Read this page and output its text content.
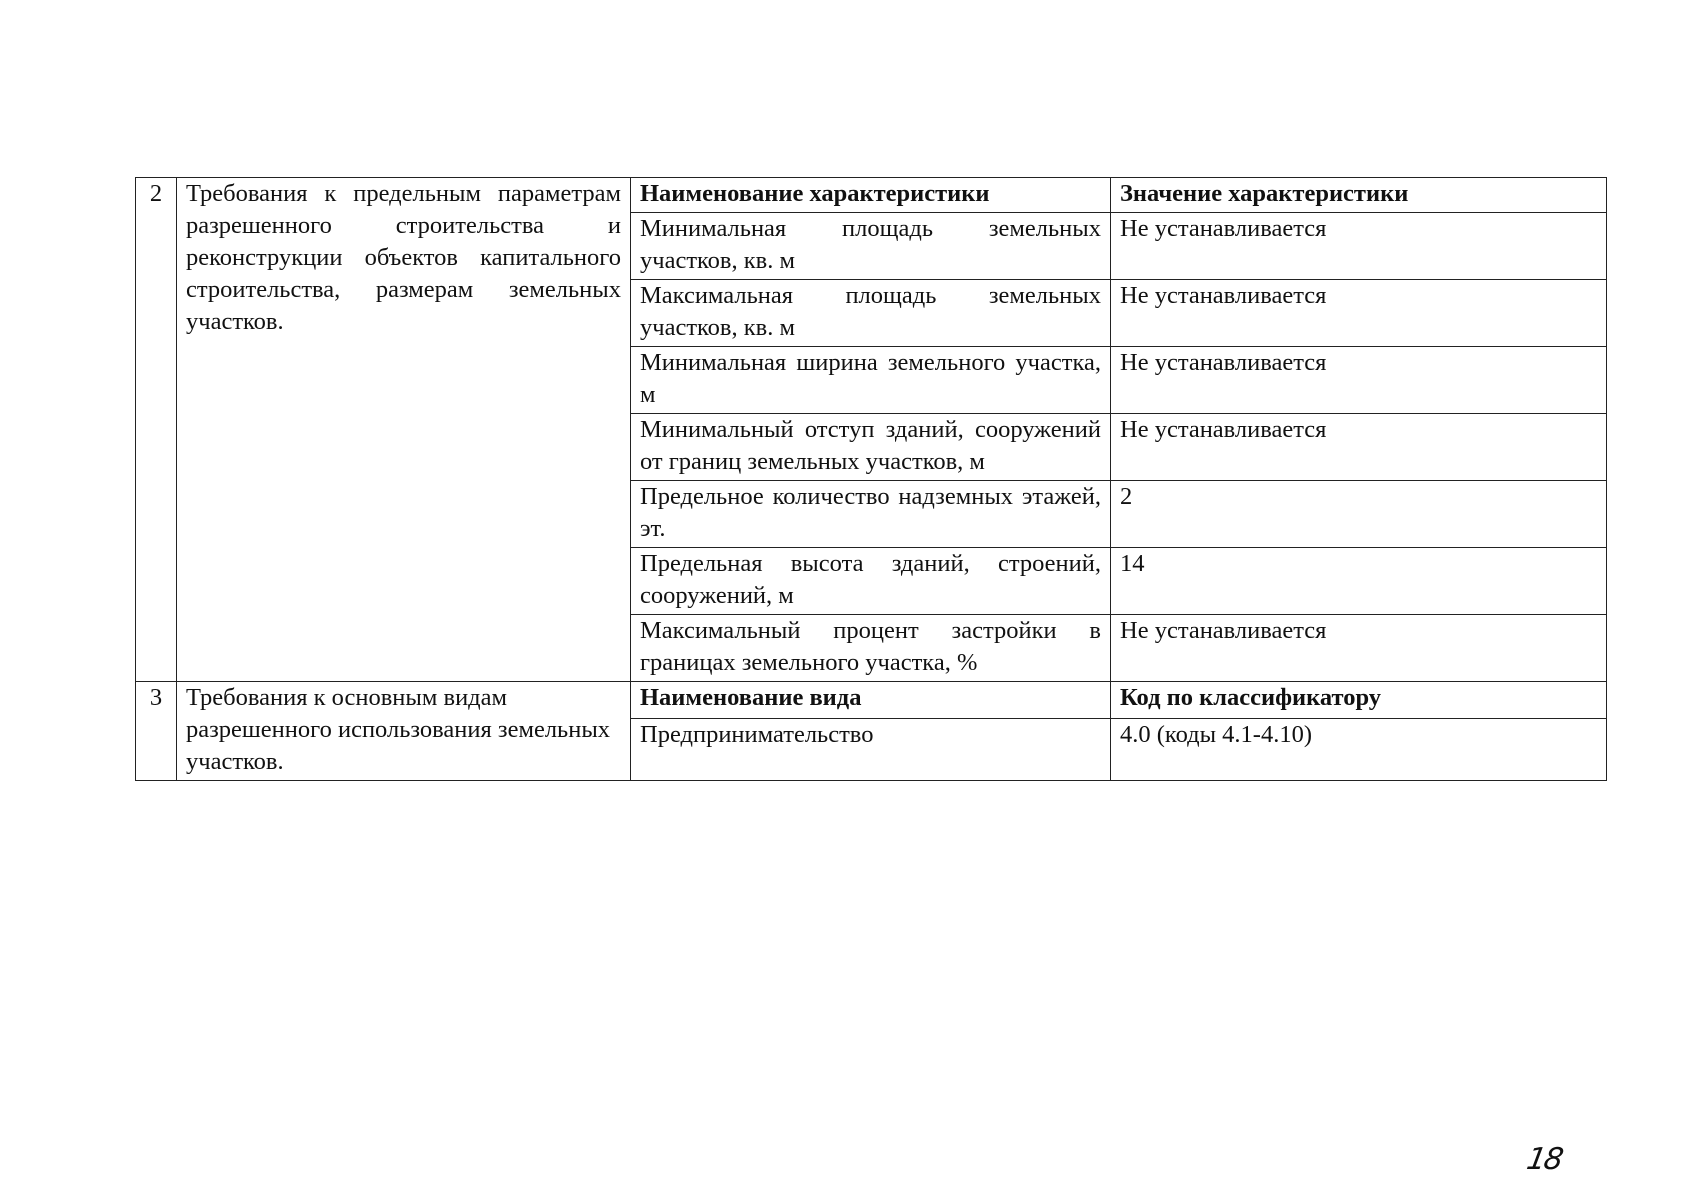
2	Требования к предельным параметрам разрешенного строительства и реконструкции объектов капитального строительства, размерам земельных участков.	Наименование характеристики	Значение характеристики
		Минимальная площадь земельных участков, кв. м	Не устанавливается
		Максимальная площадь земельных участков, кв. м	Не устанавливается
		Минимальная ширина земельного участка, м	Не устанавливается
		Минимальный отступ зданий, сооружений от границ земельных участков, м	Не устанавливается
		Предельное количество надземных этажей, эт.	2
		Предельная высота зданий, строений, сооружений, м	14
		Максимальный процент застройки в границах земельного участка, %	Не устанавливается
3	Требования к основным видам разрешенного использования земельных участков.	Наименование вида	Код по классификатору
		Предпринимательство	4.0 (коды 4.1-4.10)
18
